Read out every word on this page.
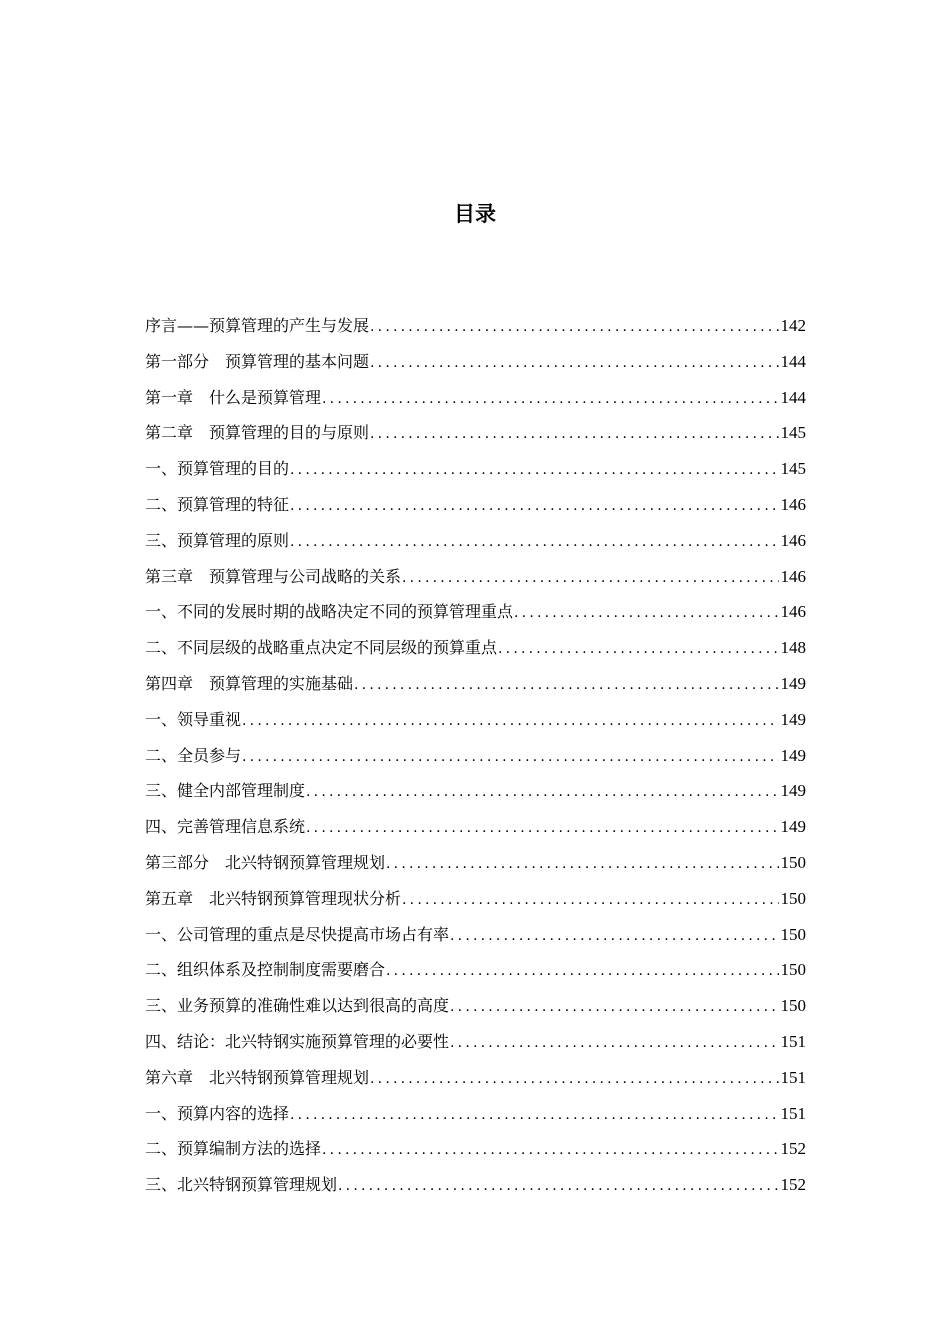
目录
序言——预算管理的产生与发展 .....	142
第一部分　预算管理的基本问题 .....	144
第一章　什么是预算管理 .....	144
第二章　预算管理的目的与原则 .....	145
一、预算管理的目的 .....	145
二、预算管理的特征 .....	146
三、预算管理的原则 .....	146
第三章　预算管理与公司战略的关系 .....	146
一、不同的发展时期的战略决定不同的预算管理重点 .....	146
二、不同层级的战略重点决定不同层级的预算重点 .....	148
第四章　预算管理的实施基础 .....	149
一、领导重视 .....	149
二、全员参与 .....	149
三、健全内部管理制度 .....	149
四、完善管理信息系统 .....	149
第三部分　北兴特钢预算管理规划 .....	150
第五章　北兴特钢预算管理现状分析 .....	150
一、公司管理的重点是尽快提高市场占有率 .....	150
二、组织体系及控制制度需要磨合 .....	150
三、业务预算的准确性难以达到很高的高度 .....	150
四、结论：北兴特钢实施预算管理的必要性 .....	151
第六章　北兴特钢预算管理规划 .....	151
一、预算内容的选择 .....	151
二、预算编制方法的选择 .....	152
三、北兴特钢预算管理规划 .....	152
